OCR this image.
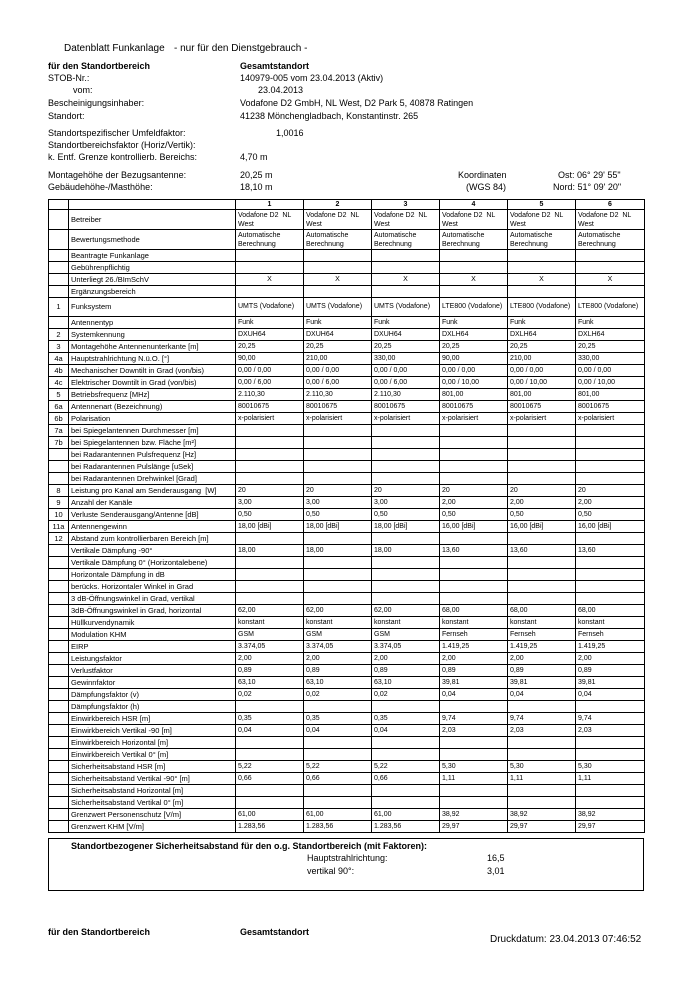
Datenblatt Funkanlage - nur für den Dienstgebrauch -
für den Standortbereich	Gesamtstandort
STOB-Nr.:	140979-005 vom 23.04.2013 (Aktiv)
vom:	23.04.2013
Bescheinigungsinhaber:	Vodafone D2 GmbH, NL West, D2 Park 5, 40878 Ratingen
Standort:	41238 Mönchengladbach, Konstantinstr. 265
Standortspezifischer Umfeldfaktor:	1,0016
Standortbereichsfaktor (Horiz/Vertik):
k. Entf. Grenze kontrollierb. Bereichs:	4,70 m
Montagehöhe der Bezugsantenne:	20,25 m
Gebäudehöhe-/Masthöhe:	18,10 m
Koordinaten
(WGS 84)
Ost: 06° 29' 55"
Nord: 51° 09' 20"
		1	2	3	4	5	6
	Betreiber	Vodafone D2  NL West	Vodafone D2  NL West	Vodafone D2  NL West	Vodafone D2  NL West	Vodafone D2  NL West	Vodafone D2  NL West
	Bewertungsmethode	Automatische Berechnung	Automatische Berechnung	Automatische Berechnung	Automatische Berechnung	Automatische Berechnung	Automatische Berechnung
	Beantragte Funkanlage						
	Gebührenpflichtig						
	Unterliegt 26./BImSchV	X	X	X	X	X	X
	Ergänzungsbereich						
1	Funksystem	UMTS (Vodafone)	UMTS (Vodafone)	UMTS (Vodafone)	LTE800 (Vodafone)	LTE800 (Vodafone)	LTE800 (Vodafone)
	Antennentyp	Funk	Funk	Funk	Funk	Funk	Funk
2	Systemkennung	DXUH64	DXUH64	DXUH64	DXLH64	DXLH64	DXLH64
3	Montagehöhe Antennenunterkante [m]	20,25	20,25	20,25	20,25	20,25	20,25
4a	Hauptstrahlrichtung N.ü.O. [°]	90,00	210,00	330,00	90,00	210,00	330,00
4b	Mechanischer Downtilt in Grad (von/bis)	0,00 / 0,00	0,00 / 0,00	0,00 / 0,00	0,00 / 0,00	0,00 / 0,00	0,00 / 0,00
4c	Elektrischer Downtilt in Grad (von/bis)	0,00 / 6,00	0,00 / 6,00	0,00 / 6,00	0,00 / 10,00	0,00 / 10,00	0,00 / 10,00
5	Betriebsfrequenz [MHz]	2.110,30	2.110,30	2.110,30	801,00	801,00	801,00
6a	Antennenart (Bezeichnung)	80010675	80010675	80010675	80010675	80010675	80010675
6b	Polarisation	x-polarisiert	x-polarisiert	x-polarisiert	x-polarisiert	x-polarisiert	x-polarisiert
7a	bei Spiegelantennen Durchmesser [m]						
7b	bei Spiegelantennen bzw. Fläche [m²]						
	bei Radarantennen Pulsfrequenz [Hz]						
	bei Radarantennen Pulslänge [uSek]						
	bei Radarantennen Drehwinkel [Grad]						
8	Leistung pro Kanal am Senderausgang  [W]	20	20	20	20	20	20
9	Anzahl der Kanäle	3,00	3,00	3,00	2,00	2,00	2,00
10	Verluste Senderausgang/Antenne [dB]	0,50	0,50	0,50	0,50	0,50	0,50
11a	Antennengewinn	18,00 [dBi]	18,00 [dBi]	18,00 [dBi]	16,00 [dBi]	16,00 [dBi]	16,00 [dBi]
12	Abstand zum kontrollierbaren Bereich [m]						
	Vertikale Dämpfung -90°	18,00	18,00	18,00	13,60	13,60	13,60
	Vertikale Dämpfung 0° (Horizontalebene)						
	Horizontale Dämpfung in dB						
	berücks. Horizontaler Winkel in Grad						
	3 dB-Öffnungswinkel in Grad, vertikal						
	3dB-Öffnungswinkel in Grad, horizontal	62,00	62,00	62,00	68,00	68,00	68,00
	Hüllkurvendynamik	konstant	konstant	konstant	konstant	konstant	konstant
	Modulation KHM	GSM	GSM	GSM	Fernseh	Fernseh	Fernseh
	EIRP	3.374,05	3.374,05	3.374,05	1.419,25	1.419,25	1.419,25
	Leistungsfaktor	2,00	2,00	2,00	2,00	2,00	2,00
	Verlustfaktor	0,89	0,89	0,89	0,89	0,89	0,89
	Gewinnfaktor	63,10	63,10	63,10	39,81	39,81	39,81
	Dämpfungsfaktor (v)	0,02	0,02	0,02	0,04	0,04	0,04
	Dämpfungsfaktor (h)						
	Einwirkbereich HSR [m]	0,35	0,35	0,35	9,74	9,74	9,74
	Einwirkbereich Vertikal -90 [m]	0,04	0,04	0,04	2,03	2,03	2,03
	Einwirkbereich Horizontal [m]						
	Einwirkbereich Vertikal 0° [m]						
	Sicherheitsabstand HSR [m]	5,22	5,22	5,22	5,30	5,30	5,30
	Sicherheitsabstand Vertikal -90° [m]	0,66	0,66	0,66	1,11	1,11	1,11
	Sicherheitsabstand Horizontal [m]						
	Sicherheitsabstand Vertikal 0° [m]						
	Grenzwert Personenschutz [V/m]	61,00	61,00	61,00	38,92	38,92	38,92
	Grenzwert KHM [V/m]	1.283,56	1.283,56	1.283,56	29,97	29,97	29,97
Standortbezogener Sicherheitsabstand für den o.g. Standortbereich (mit Faktoren):
Hauptstrahlrichtung:	16,5
vertikal 90°:	3,01
für den Standortbereich	Gesamtstandort
Druckdatum: 23.04.2013 07:46:52
